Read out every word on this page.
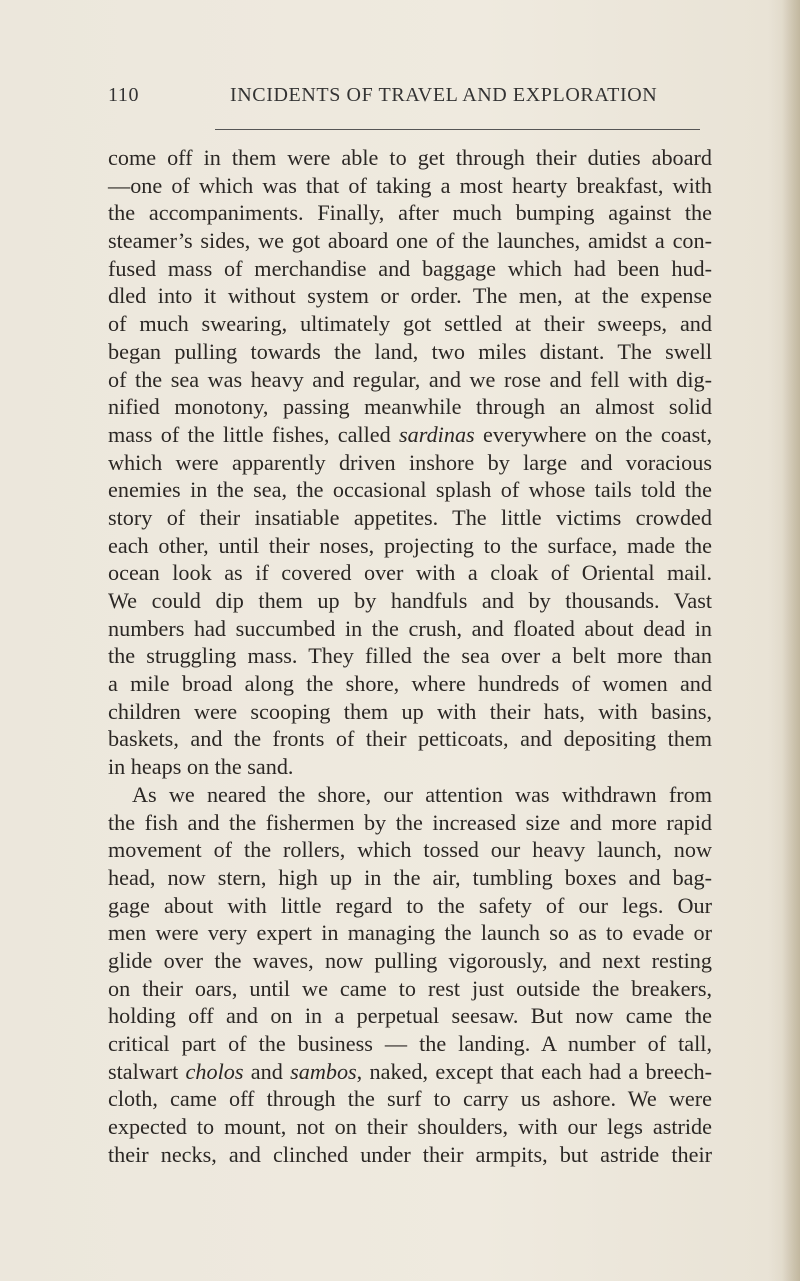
110	INCIDENTS OF TRAVEL AND EXPLORATION
come off in them were able to get through their duties aboard
—one of which was that of taking a most hearty breakfast, with
the accompaniments. Finally, after much bumping against the
steamer’s sides, we got aboard one of the launches, amidst a con-
fused mass of merchandise and baggage which had been hud-
dled into it without system or order. The men, at the expense
of much swearing, ultimately got settled at their sweeps, and
began pulling towards the land, two miles distant. The swell
of the sea was heavy and regular, and we rose and fell with dig-
nified monotony, passing meanwhile through an almost solid
mass of the little fishes, called sardinas everywhere on the coast,
which were apparently driven inshore by large and voracious
enemies in the sea, the occasional splash of whose tails told the
story of their insatiable appetites. The little victims crowded
each other, until their noses, projecting to the surface, made the
ocean look as if covered over with a cloak of Oriental mail.
We could dip them up by handfuls and by thousands. Vast
numbers had succumbed in the crush, and floated about dead in
the struggling mass. They filled the sea over a belt more than
a mile broad along the shore, where hundreds of women and
children were scooping them up with their hats, with basins,
baskets, and the fronts of their petticoats, and depositing them
in heaps on the sand.
As we neared the shore, our attention was withdrawn from
the fish and the fishermen by the increased size and more rapid
movement of the rollers, which tossed our heavy launch, now
head, now stern, high up in the air, tumbling boxes and bag-
gage about with little regard to the safety of our legs. Our
men were very expert in managing the launch so as to evade or
glide over the waves, now pulling vigorously, and next resting
on their oars, until we came to rest just outside the breakers,
holding off and on in a perpetual seesaw. But now came the
critical part of the business — the landing. A number of tall,
stalwart cholos and sambos, naked, except that each had a breech-
cloth, came off through the surf to carry us ashore. We were
expected to mount, not on their shoulders, with our legs astride
their necks, and clinched under their armpits, but astride their
